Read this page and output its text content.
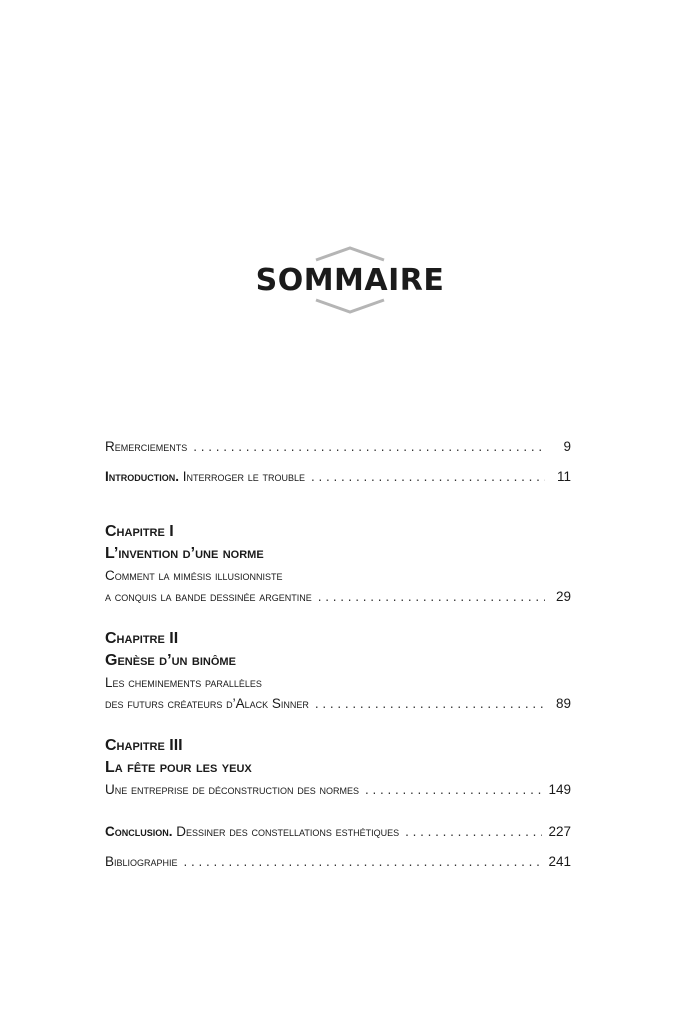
SOMMAIRE
Remerciements . . .	9
Introduction. Interroger le trouble . . .	11
Chapitre I
L’invention d’une norme
Comment la mimésis illusionniste
a conquis la bande dessinée argentine . . .	29
Chapitre II
Genèse d’un binôme
Les cheminements parallèles
des futurs créateurs d’Alack Sinner . . .	89
Chapitre III
La fête pour les yeux
Une entreprise de déconstruction des normes . . .	149
Conclusion. Dessiner des constellations esthétiques . . .	227
Bibliographie . . .	241
